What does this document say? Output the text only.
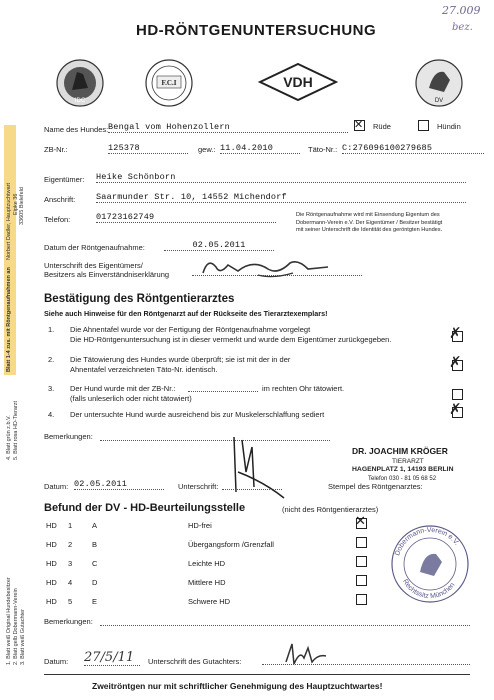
Norbert Dadler, Hauptzuchtwart Eipke 36 33605 Bielefeld
Blatt 1-4 zus. mit Röntgenaufnahmen an
4. Blatt grün z.b.V. 5. Blatt rosa HD-Tierarzt
1. Blatt weiß Original Hundebesitzer 2. Blatt gelb Dobermann-Verein 3. Blatt weiß Gutachter
HD-RÖNTGENUNTERSUCHUNG
27.009
bez.
IDC
F.C.I	VDH
DV
Name des Hundes: Bengal vom Hohenzollern	✕ Rüde	Hündin
ZB-Nr.:	125378	gew.: 11.04.2010	Täto-Nr.: C:276096100279685
Eigentümer: Heike Schönborn
Anschrift: Saarmunder Str. 10, 14552 Michendorf
Telefon:	01723162749	Die Röntgenaufnahme wird mit Einsendung Eigentum des Dobermann-Verein e.V. Der Eigentümer / Besitzer bestätigt mit seiner Unterschrift die Identität des geröntgten Hundes.
Datum der Röntgenaufnahme:	02.05.2011
Unterschrift des Eigentümers/
Besitzers als Einverständniserklärung
Bestätigung des Röntgentierarztes
Siehe auch Hinweise für den Röntgenarzt auf der Rückseite des Tierarztexemplars!
1. Die Ahnentafel wurde vor der Fertigung der Röntgenaufnahme vorgelegt
Die HD-Röntgenuntersuchung ist in dieser vermerkt und wurde dem Eigentümer zurückgegeben.	✗
2. Die Tätowierung des Hundes wurde überprüft; sie ist mit der in der
Ahnentafel verzeichneten Täto-Nr. identisch.	✗
3. Der Hund wurde mit der ZB-Nr.:	im rechten Ohr tätowiert.
(falls unleserlich oder nicht tätowiert)
4. Der untersuchte Hund wurde ausreichend bis zur Muskelerschlaffung sediert	✗
Bemerkungen:
DR. JOACHIM KRÖGER
TIERARZT
HAGENPLATZ 1, 14193 BERLIN
Telefon 030 - 81 05 68 52
Datum: 02.05.2011	Unterschrift:	Stempel des Röntgenarztes:
Befund der DV - HD-Beurteilungsstelle	(nicht des Röntgentierarztes)
HD 1	A	HD-frei	✕
HD 2	B	Übergangsform /Grenzfall
HD 3	C	Leichte HD
HD 4	D	Mittlere HD
HD 5	E	Schwere HD
Dobermann-Verein e.V.
Rechtssitz München
Bemerkungen:
Datum: 27/5/11	Unterschrift des Gutachters:
Zweitröntgen nur mit schriftlicher Genehmigung des Hauptzuchtwartes!
